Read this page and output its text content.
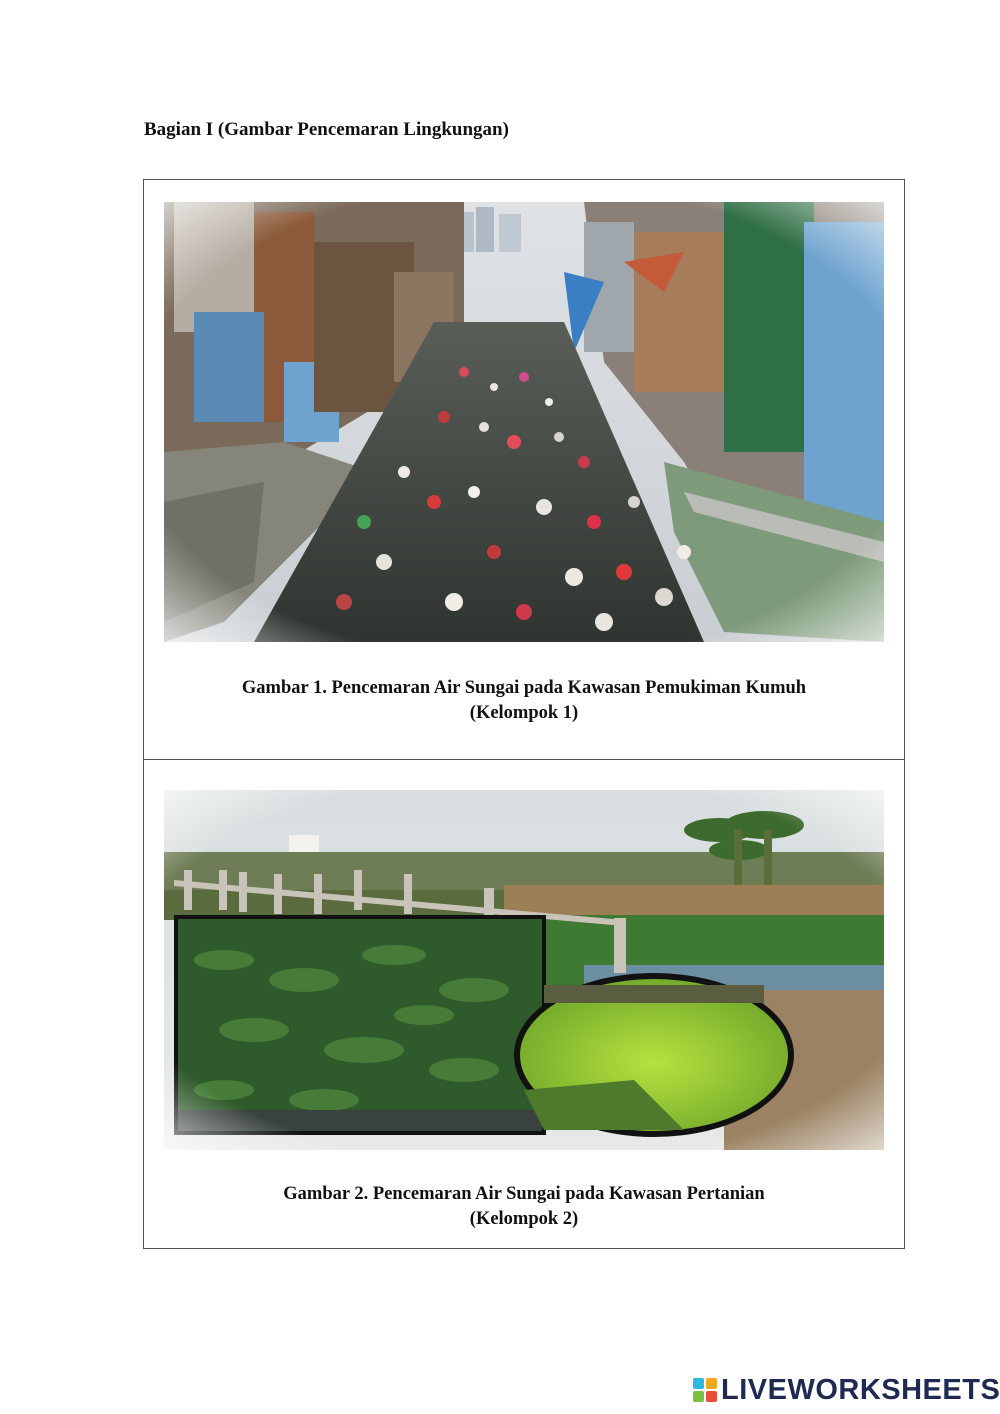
Bagian I (Gambar Pencemaran Lingkungan)
Gambar 1. Pencemaran Air Sungai pada Kawasan Pemukiman Kumuh
(Kelompok 1)
Gambar 2. Pencemaran Air Sungai pada Kawasan Pertanian
(Kelompok 2)
LIVEWORKSHEETS
